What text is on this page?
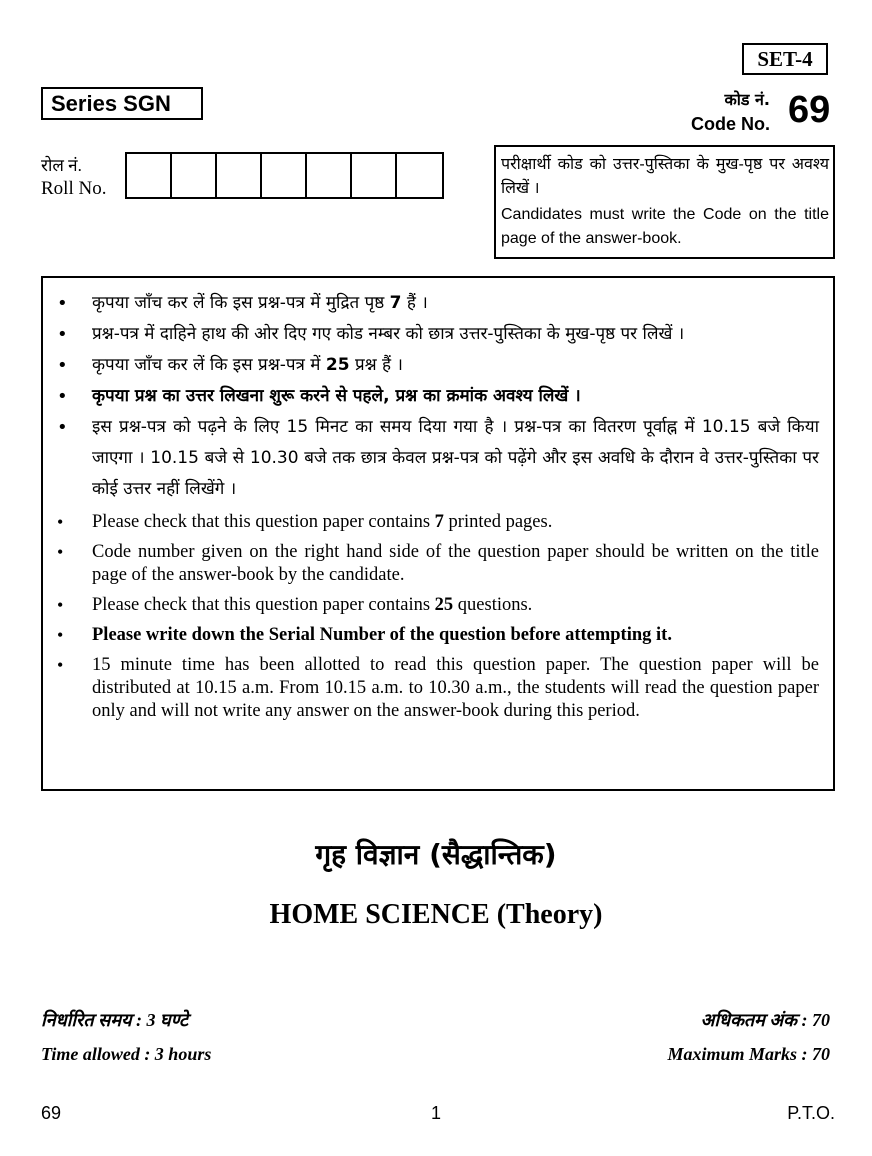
SET-4
Series SGN	कोड नं.
Code No. 69
रोल नं.
Roll No.

परीक्षार्थी कोड को उत्तर-पुस्तिका के मुख-पृष्ठ पर अवश्य लिखें ।

Candidates must write the Code on the title page of the answer-book.

• कृपया जाँच कर लें कि इस प्रश्न-पत्र में मुद्रित पृष्ठ 7 हैं ।
• प्रश्न-पत्र में दाहिने हाथ की ओर दिए गए कोड नम्बर को छात्र उत्तर-पुस्तिका के मुख-पृष्ठ पर लिखें ।
• कृपया जाँच कर लें कि इस प्रश्न-पत्र में 25 प्रश्न हैं ।
• कृपया प्रश्न का उत्तर लिखना शुरू करने से पहले, प्रश्न का क्रमांक अवश्य लिखें ।
• इस प्रश्न-पत्र को पढ़ने के लिए 15 मिनट का समय दिया गया है । प्रश्न-पत्र का वितरण पूर्वाह्न में 10.15 बजे किया जाएगा । 10.15 बजे से 10.30 बजे तक छात्र केवल प्रश्न-पत्र को पढ़ेंगे और इस अवधि के दौरान वे उत्तर-पुस्तिका पर कोई उत्तर नहीं लिखेंगे ।
• Please check that this question paper contains 7 printed pages.
• Code number given on the right hand side of the question paper should be written on the title page of the answer-book by the candidate.
• Please check that this question paper contains 25 questions.
• Please write down the Serial Number of the question before attempting it.
• 15 minute time has been allotted to read this question paper. The question paper will be distributed at 10.15 a.m. From 10.15 a.m. to 10.30 a.m., the students will read the question paper only and will not write any answer on the answer-book during this period.
गृह विज्ञान (सैद्धान्तिक)
HOME SCIENCE (Theory)
निर्धारित समय : 3 घण्टे	अधिकतम अंक : 70
Time allowed : 3 hours	Maximum Marks : 70
69	1	P.T.O.
